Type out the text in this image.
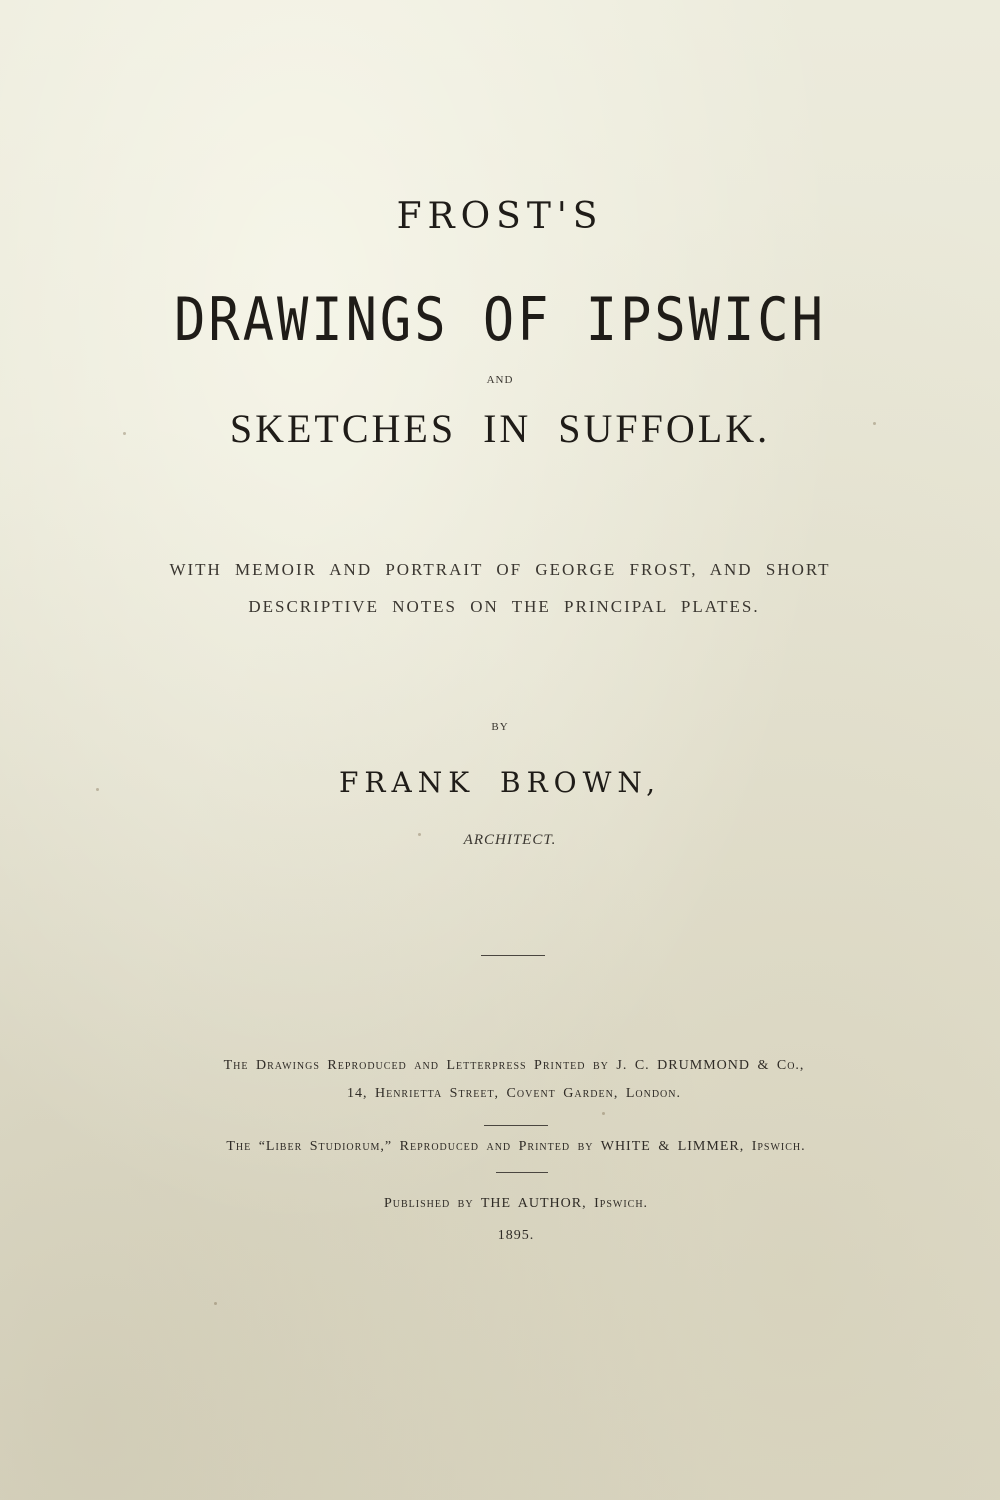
FROST'S
DRAWINGS OF IPSWICH
AND
SKETCHES IN SUFFOLK.
WITH MEMOIR AND PORTRAIT OF GEORGE FROST, AND SHORT
DESCRIPTIVE NOTES ON THE PRINCIPAL PLATES.
BY
FRANK BROWN,
ARCHITECT.
The Drawings Reproduced and Letterpress Printed by J. C. DRUMMOND & Co.,
14, Henrietta Street, Covent Garden, London.
The “Liber Studiorum,” Reproduced and Printed by WHITE & LIMMER, Ipswich.
Published by THE AUTHOR, Ipswich.
1895.
